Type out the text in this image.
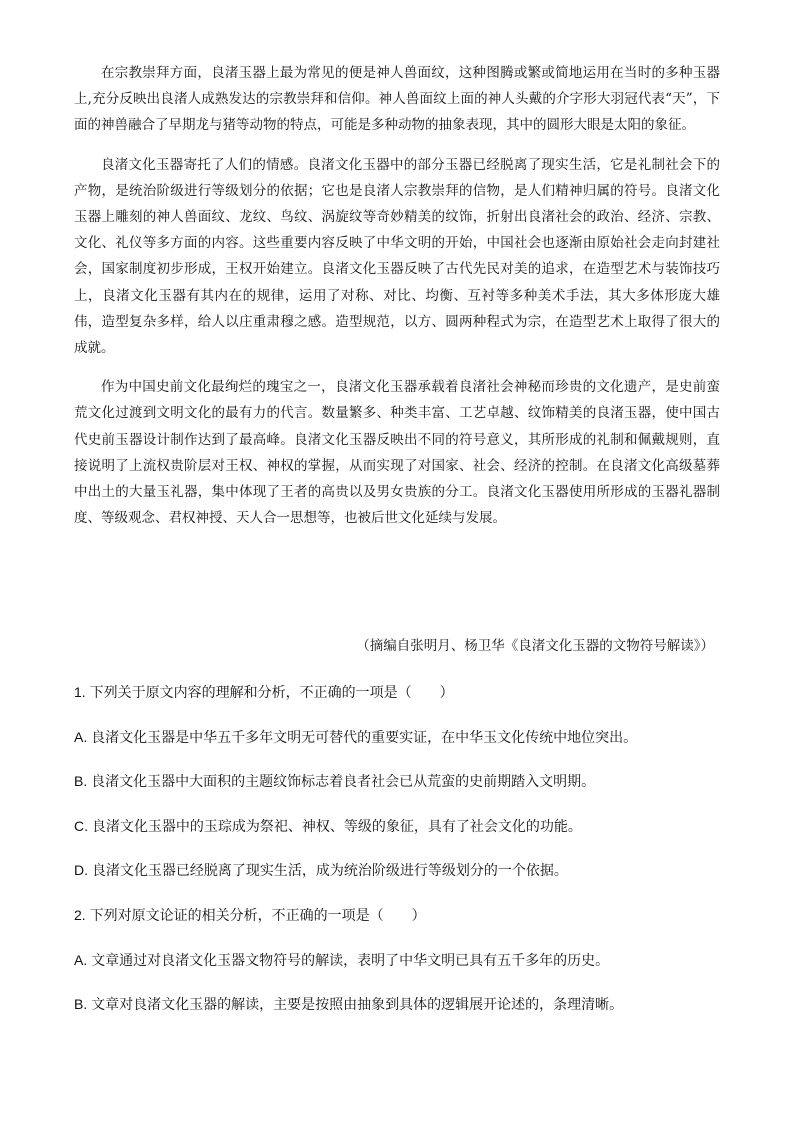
在宗教崇拜方面，良渚玉器上最为常见的便是神人兽面纹，这种图腾或繁或简地运用在当时的多种玉器上,充分反映出良渚人成熟发达的宗教崇拜和信仰。神人兽面纹上面的神人头戴的介字形大羽冠代表“天”，下面的神兽融合了早期龙与猪等动物的特点，可能是多种动物的抽象表现，其中的圆形大眼是太阳的象征。

良渚文化玉器寄托了人们的情感。良渚文化玉器中的部分玉器已经脱离了现实生活，它是礼制社会下的产物，是统治阶级进行等级划分的依据；它也是良渚人宗教崇拜的信物，是人们精神归属的符号。良渚文化玉器上雕刻的神人兽面纹、龙纹、鸟纹、涡旋纹等奇妙精美的纹饰，折射出良渚社会的政治、经济、宗教、文化、礼仪等多方面的内容。这些重要内容反映了中华文明的开始，中国社会也逐渐由原始社会走向封建社会，国家制度初步形成，王权开始建立。良渚文化玉器反映了古代先民对美的追求，在造型艺术与装饰技巧上，良渚文化玉器有其内在的规律，运用了对称、对比、均衡、互衬等多种美术手法，其大多体形庞大雄伟，造型复杂多样，给人以庄重肃穆之感。造型规范，以方、圆两种程式为宗，在造型艺术上取得了很大的成就。

作为中国史前文化最绚烂的瑰宝之一，良渚文化玉器承载着良渚社会神秘而珍贵的文化遗产，是史前蛮荒文化过渡到文明文化的最有力的代言。数量繁多、种类丰富、工艺卓越、纹饰精美的良渚玉器，使中国古代史前玉器设计制作达到了最高峰。良渚文化玉器反映出不同的符号意义，其所形成的礼制和佩戴规则，直接说明了上流权贵阶层对王权、神权的掌握，从而实现了对国家、社会、经济的控制。在良渚文化高级墓葬中出土的大量玉礼器，集中体现了王者的高贵以及男女贵族的分工。良渚文化玉器使用所形成的玉器礼器制度、等级观念、君权神授、天人合一思想等，也被后世文化延续与发展。

（摘编自张明月、杨卫华《良渚文化玉器的文物符号解读》）
1. 下列关于原文内容的理解和分析，不正确的一项是（　　）
A. 良渚文化玉器是中华五千多年文明无可替代的重要实证，在中华玉文化传统中地位突出。
B. 良渚文化玉器中大面积的主题纹饰标志着良者社会已从荒蛮的史前期踏入文明期。
C. 良渚文化玉器中的玉琮成为祭祀、神权、等级的象征，具有了社会文化的功能。
D. 良渚文化玉器已经脱离了现实生活，成为统治阶级进行等级划分的一个依据。
2. 下列对原文论证的相关分析，不正确的一项是（　　）
A. 文章通过对良渚文化玉器文物符号的解读，表明了中华文明已具有五千多年的历史。
B. 文章对良渚文化玉器的解读，主要是按照由抽象到具体的逻辑展开论述的，条理清晰。
